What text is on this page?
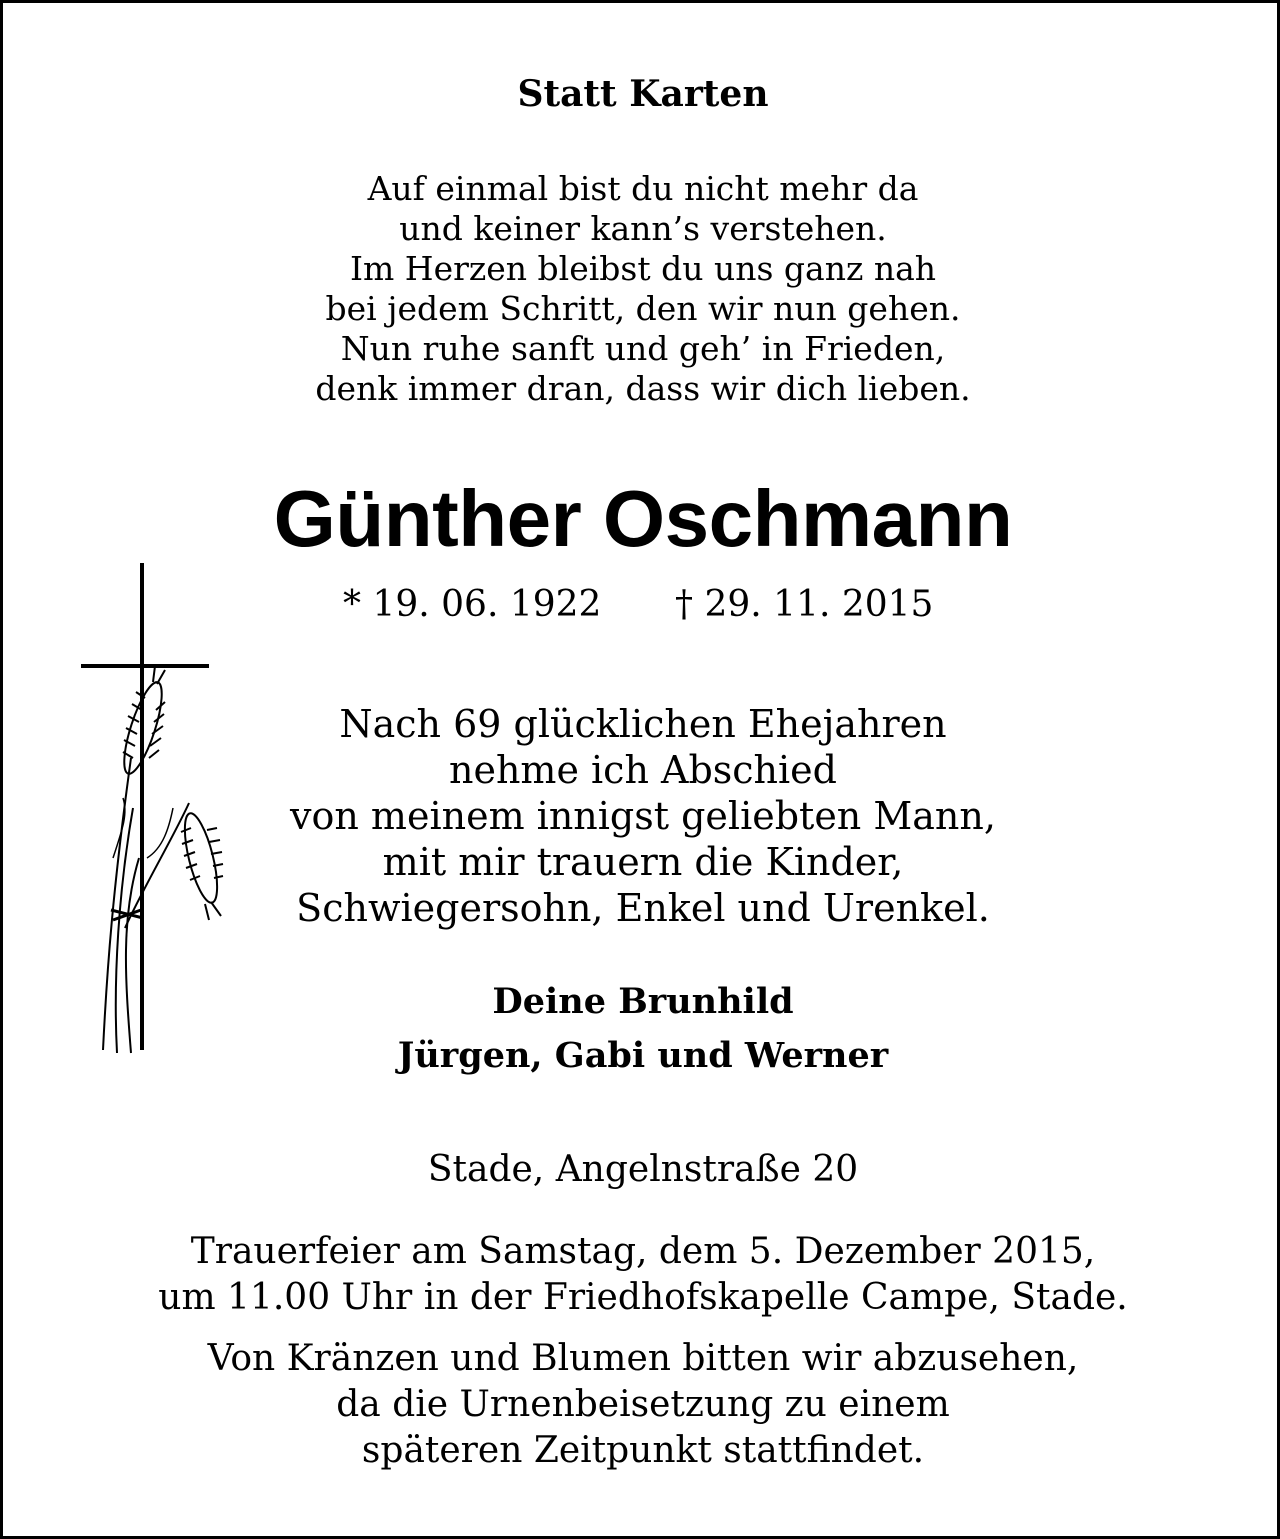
Statt Karten
Auf einmal bist du nicht mehr da
und keiner kann’s verstehen.
Im Herzen bleibst du uns ganz nah
bei jedem Schritt, den wir nun gehen.
Nun ruhe sanft und geh’ in Frieden,
denk immer dran, dass wir dich lieben.
Günther Oschmann
* 19. 06. 1922 † 29. 11. 2015
Nach 69 glücklichen Ehejahren
nehme ich Abschied
von meinem innigst geliebten Mann,
mit mir trauern die Kinder,
Schwiegersohn, Enkel und Urenkel.
Deine Brunhild
Jürgen, Gabi und Werner
Stade, Angelnstraße 20
Trauerfeier am Samstag, dem 5. Dezember 2015,
um 11.00 Uhr in der Friedhofskapelle Campe, Stade.
Von Kränzen und Blumen bitten wir abzusehen,
da die Urnenbeisetzung zu einem
späteren Zeitpunkt stattfindet.
